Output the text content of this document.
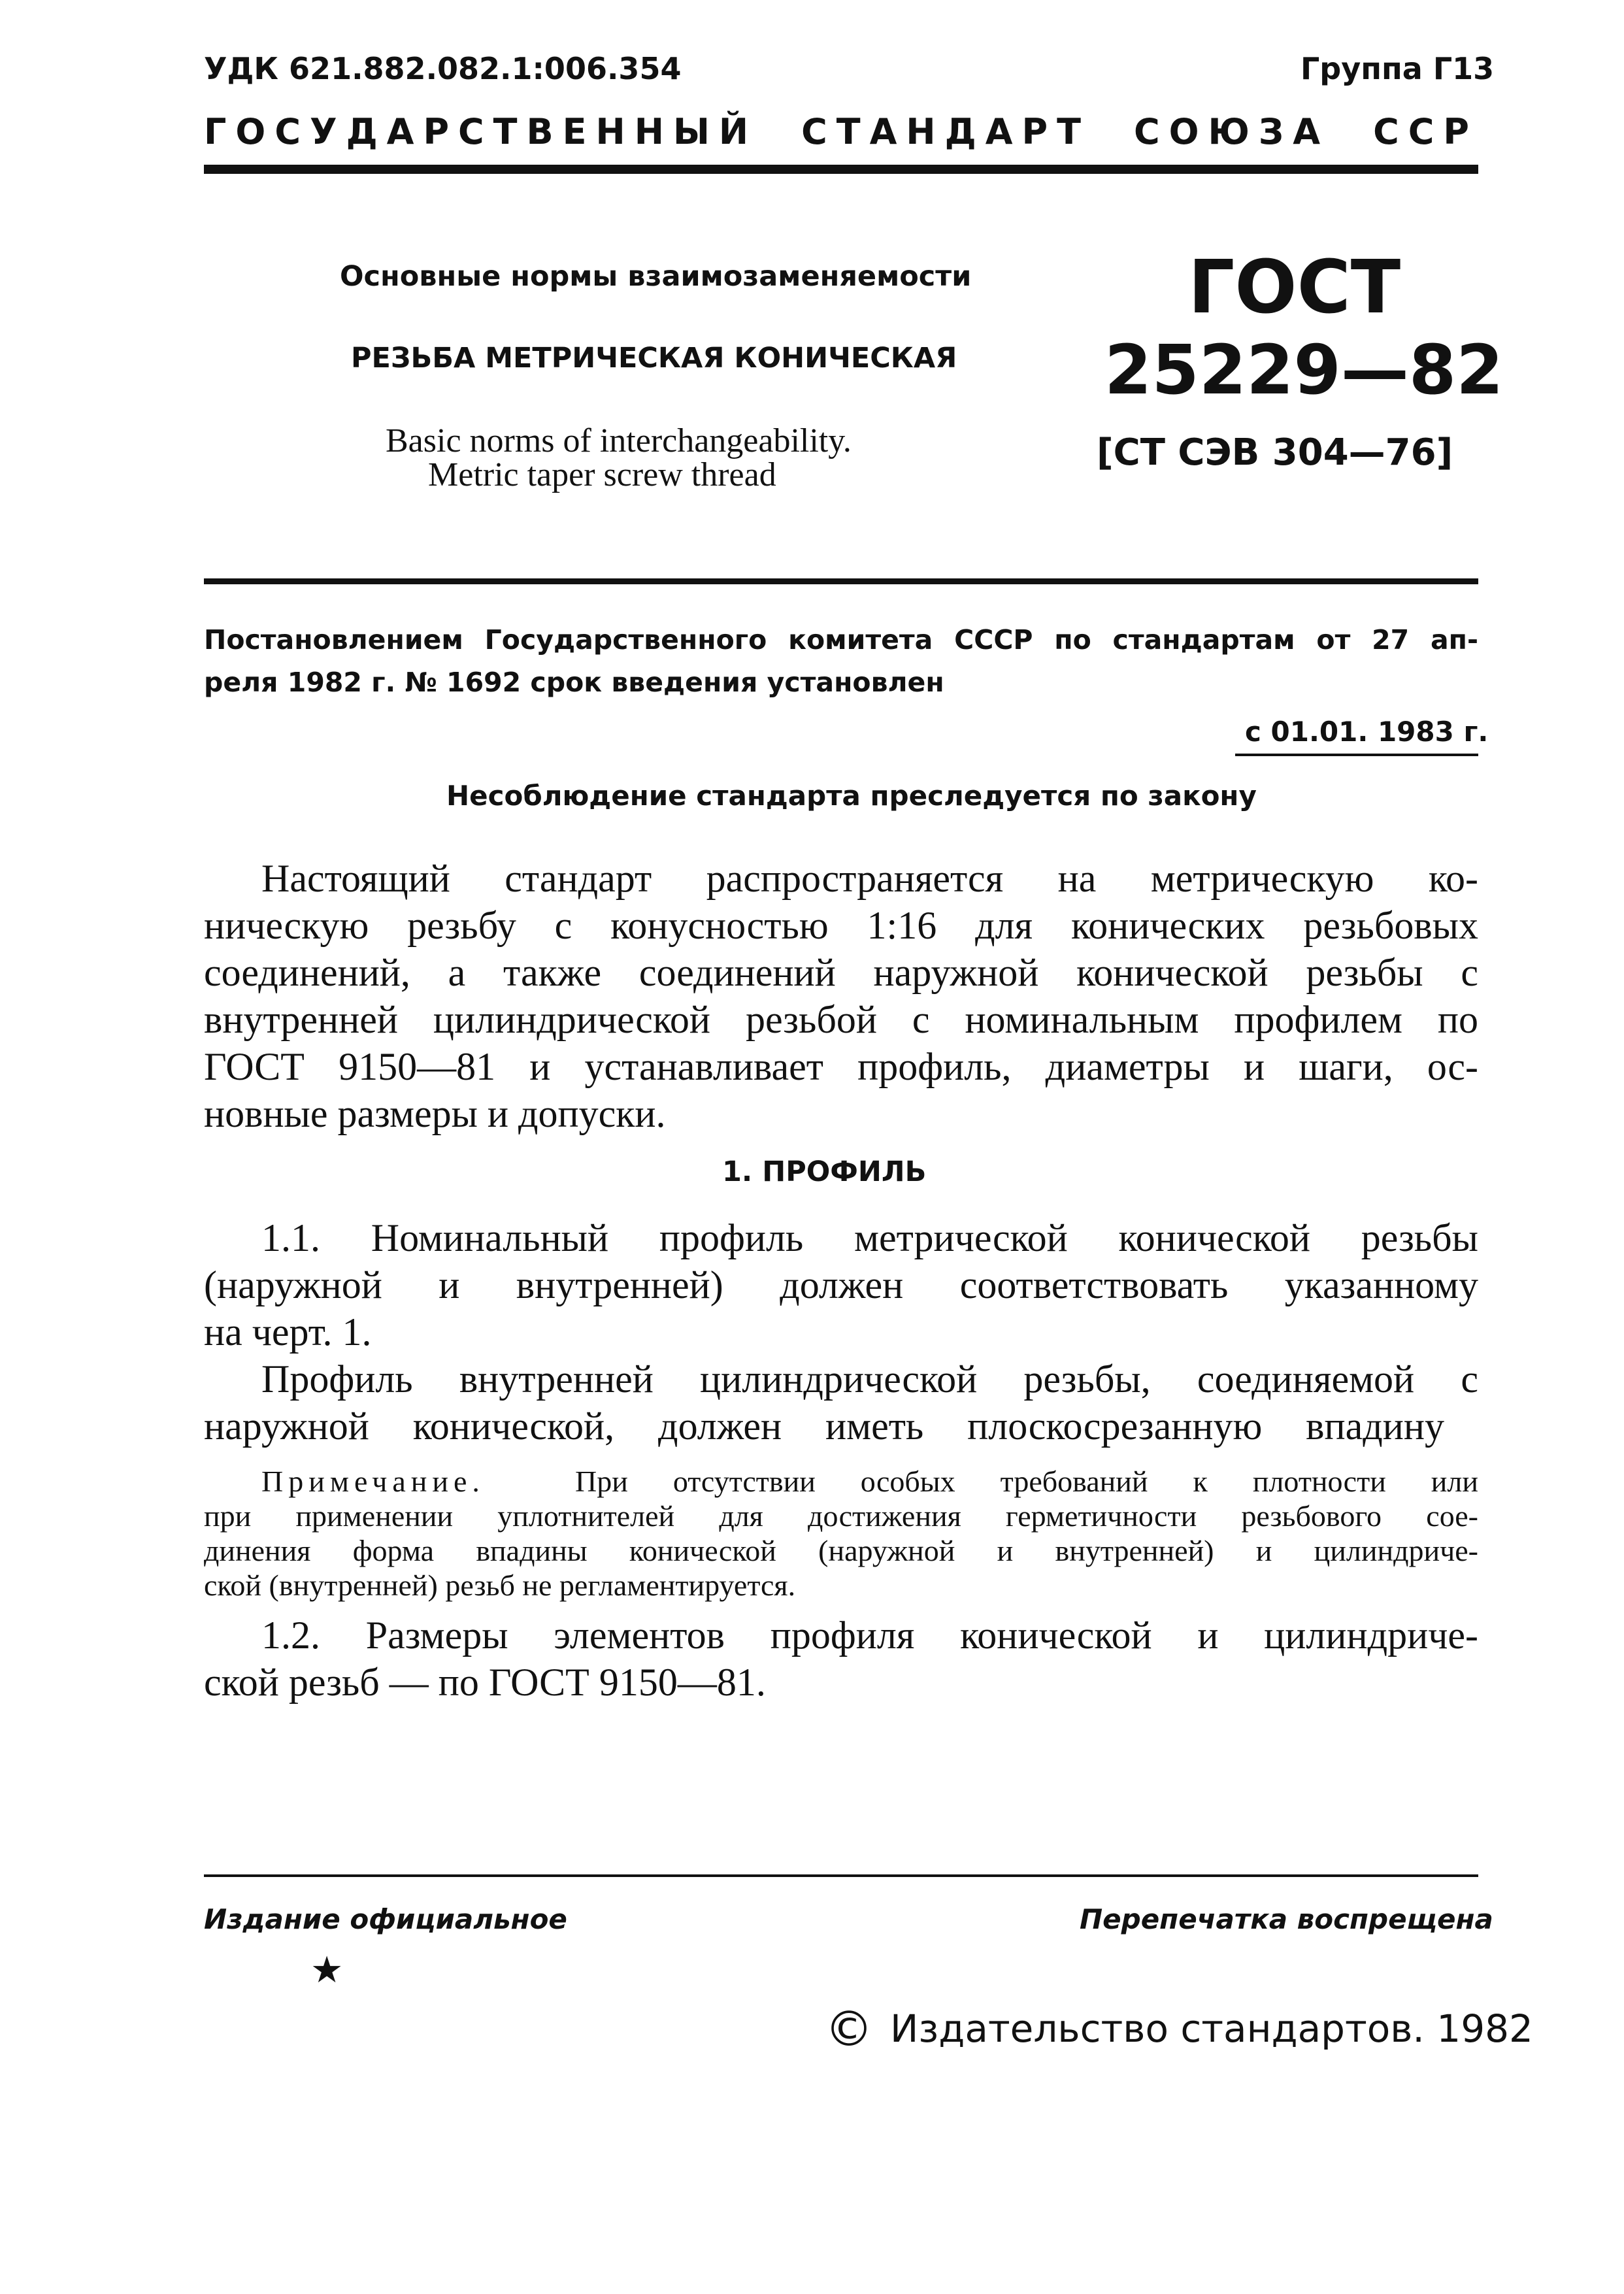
УДК 621.882.082.1:006.354	Группа Г13
ГОСУДАРСТВЕННЫЙ СТАНДАРТ СОЮЗА ССР
Основные нормы взаимозаменяемости
РЕЗЬБА МЕТРИЧЕСКАЯ КОНИЧЕСКАЯ
Basic norms of interchangeability.
Metric taper screw thread
ГОСТ
25229—82
[СТ СЭВ 304—76]
Постановлением Государственного комитета СССР по стандартам от 27 ап-
реля 1982 г. № 1692 срок введения установлен
с 01.01. 1983 г.
Несоблюдение стандарта преследуется по закону
Настоящий стандарт распространяется на метрическую ко-
ническую резьбу с конусностью 1:16 для конических резьбовых
соединений, а также соединений наружной конической резьбы с
внутренней цилиндрической резьбой с номинальным профилем по
ГОСТ 9150—81 и устанавливает профиль, диаметры и шаги, ос-
новные размеры и допуски.
1. ПРОФИЛЬ
1.1. Номинальный профиль метрической конической резьбы
(наружной и внутренней) должен соответствовать указанному
на черт. 1.
Профиль внутренней цилиндрической резьбы, соединяемой с
наружной конической, должен иметь плоскосрезанную впадину
Примечание.	При отсутствии особых требований к плотности или
при применении уплотнителей для достижения герметичности резьбового сое-
динения форма впадины конической (наружной и внутренней) и цилиндриче-
ской (внутренней) резьб не регламентируется.
1.2. Размеры элементов профиля конической и цилиндриче-
ской резьб — по ГОСТ 9150—81.
Издание официальное
★
Перепечатка воспрещена
© Издательство стандартов. 1982
